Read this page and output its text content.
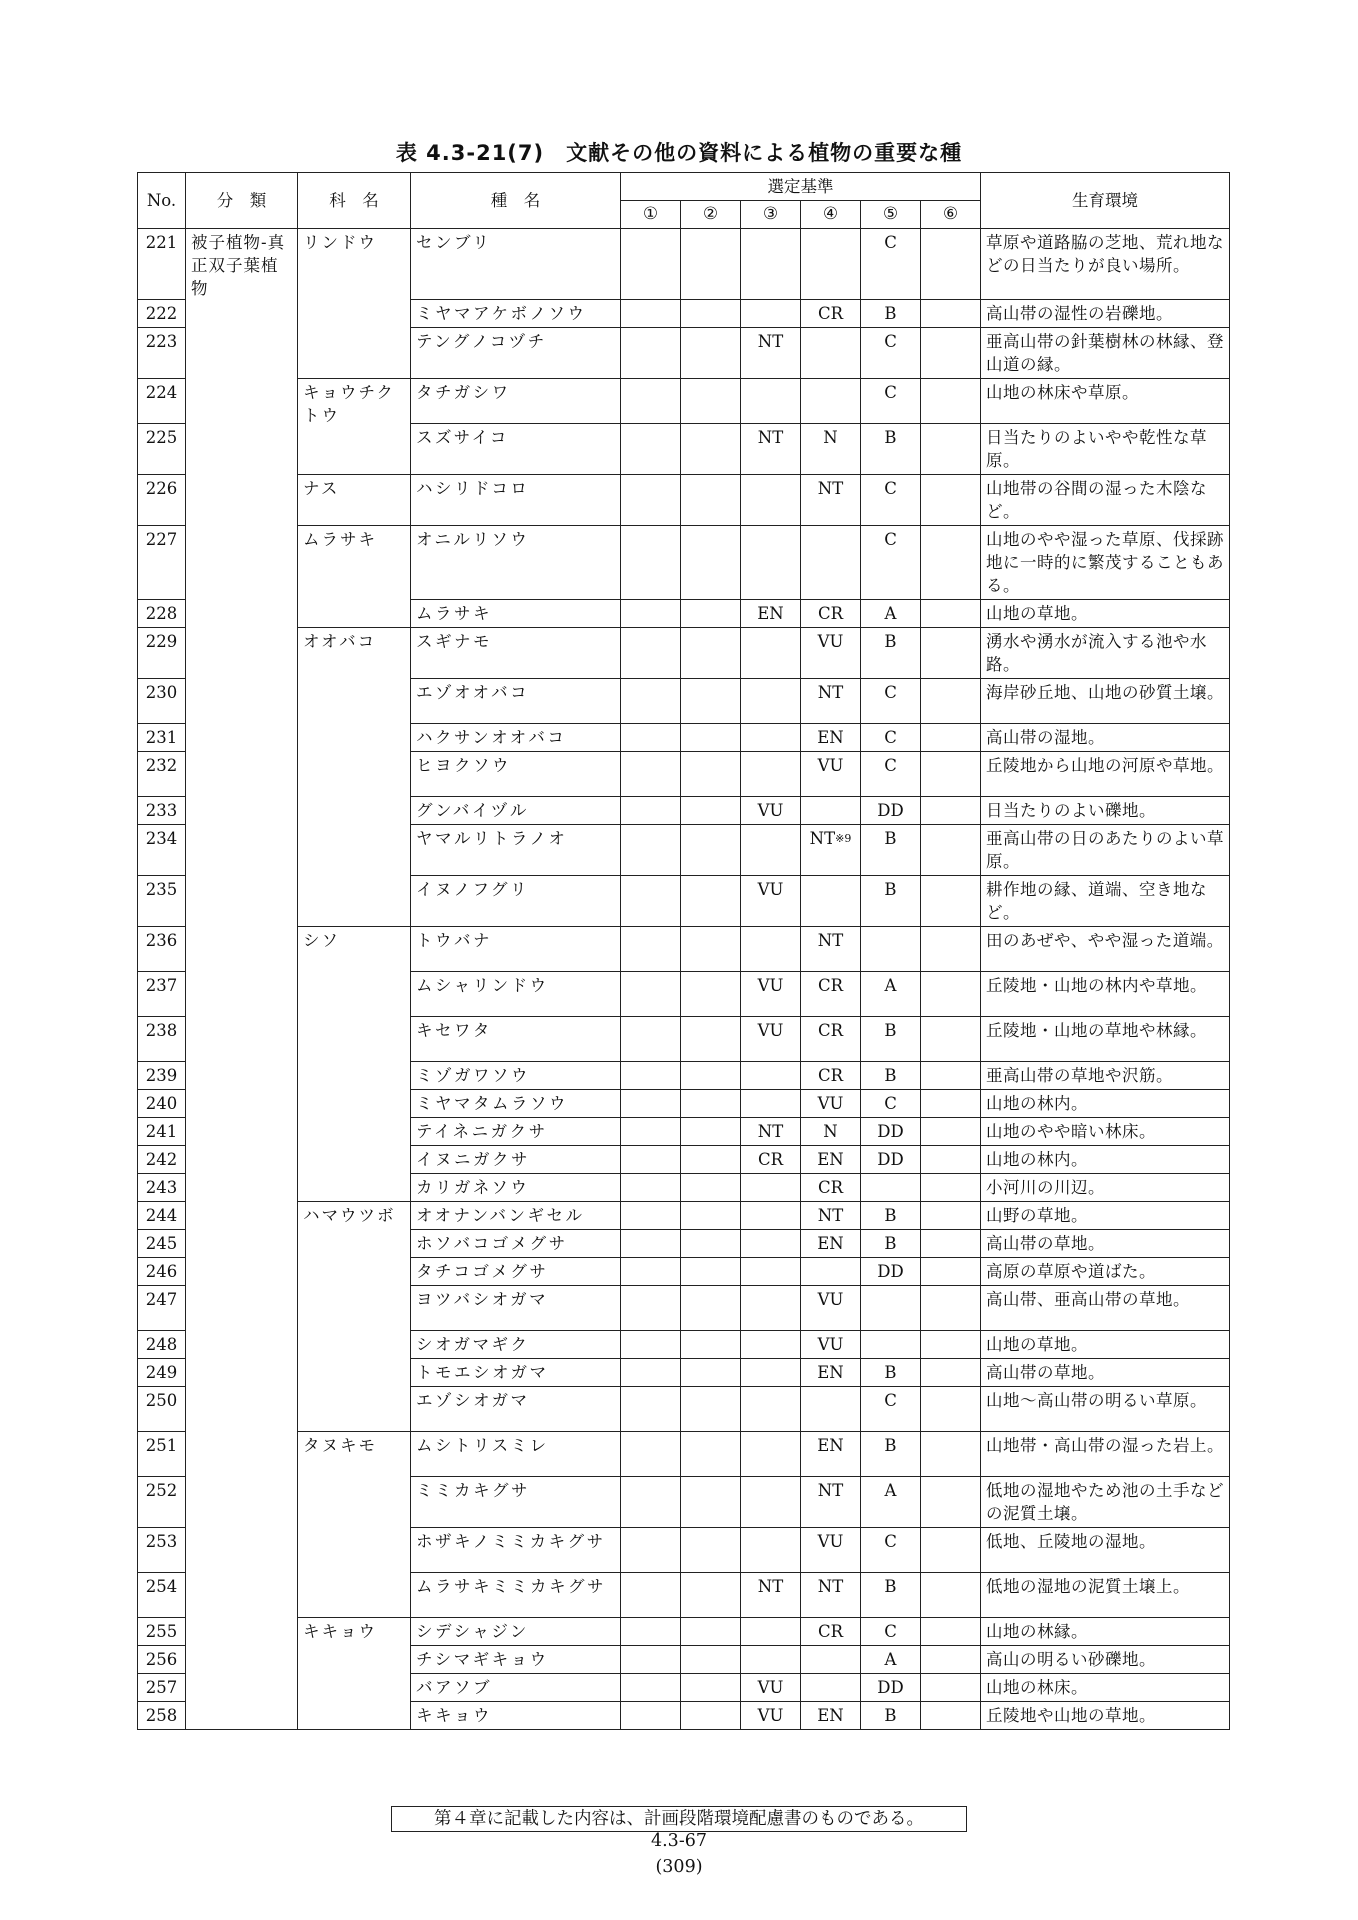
表 4.3-21(7)　文献その他の資料による植物の重要な種
No.	分　類	科　名	種　名	選定基準						生育環境
				①	②	③	④	⑤	⑥	
221	被子植物-真正双子葉植物	リンドウ	センブリ					C		草原や道路脇の芝地、荒れ地などの日当たりが良い場所。
222			ミヤマアケボノソウ				CR	B		高山帯の湿性の岩礫地。
223			テングノコヅチ			NT		C		亜高山帯の針葉樹林の林縁、登山道の縁。
224		キョウチクトウ	タチガシワ					C		山地の林床や草原。
225			スズサイコ			NT	N	B		日当たりのよいやや乾性な草原。
226		ナス	ハシリドコロ				NT	C		山地帯の谷間の湿った木陰など。
227		ムラサキ	オニルリソウ					C		山地のやや湿った草原、伐採跡地に一時的に繁茂することもある。
228			ムラサキ			EN	CR	A		山地の草地。
229		オオバコ	スギナモ				VU	B		湧水や湧水が流入する池や水路。
230			エゾオオバコ				NT	C		海岸砂丘地、山地の砂質土壌。
231			ハクサンオオバコ				EN	C		高山帯の湿地。
232			ヒヨクソウ				VU	C		丘陵地から山地の河原や草地。
233			グンバイヅル			VU		DD		日当たりのよい礫地。
234			ヤマルリトラノオ				NT$^{※9}$	B		亜高山帯の日のあたりのよい草原。
235			イヌノフグリ			VU		B		耕作地の縁、道端、空き地など。
236		シソ	トウバナ				NT			田のあぜや、やや湿った道端。
237			ムシャリンドウ			VU	CR	A		丘陵地・山地の林内や草地。
238			キセワタ			VU	CR	B		丘陵地・山地の草地や林縁。
239			ミゾガワソウ				CR	B		亜高山帯の草地や沢筋。
240			ミヤマタムラソウ				VU	C		山地の林内。
241			テイネニガクサ			NT	N	DD		山地のやや暗い林床。
242			イヌニガクサ			CR	EN	DD		山地の林内。
243			カリガネソウ				CR			小河川の川辺。
244		ハマウツボ	オオナンバンギセル				NT	B		山野の草地。
245			ホソバコゴメグサ				EN	B		高山帯の草地。
246			タチコゴメグサ					DD		高原の草原や道ばた。
247			ヨツバシオガマ				VU			高山帯、亜高山帯の草地。
248			シオガマギク				VU			山地の草地。
249			トモエシオガマ				EN	B		高山帯の草地。
250			エゾシオガマ					C		山地～高山帯の明るい草原。
251		タヌキモ	ムシトリスミレ				EN	B		山地帯・高山帯の湿った岩上。
252			ミミカキグサ				NT	A		低地の湿地やため池の土手などの泥質土壌。
253			ホザキノミミカキグサ				VU	C		低地、丘陵地の湿地。
254			ムラサキミミカキグサ			NT	NT	B		低地の湿地の泥質土壌上。
255		キキョウ	シデシャジン				CR	C		山地の林縁。
256			チシマギキョウ					A		高山の明るい砂礫地。
257			バアソブ			VU		DD		山地の林床。
258			キキョウ			VU	EN	B		丘陵地や山地の草地。
第４章に記載した内容は、計画段階環境配慮書のものである。
4.3-67
(309)
